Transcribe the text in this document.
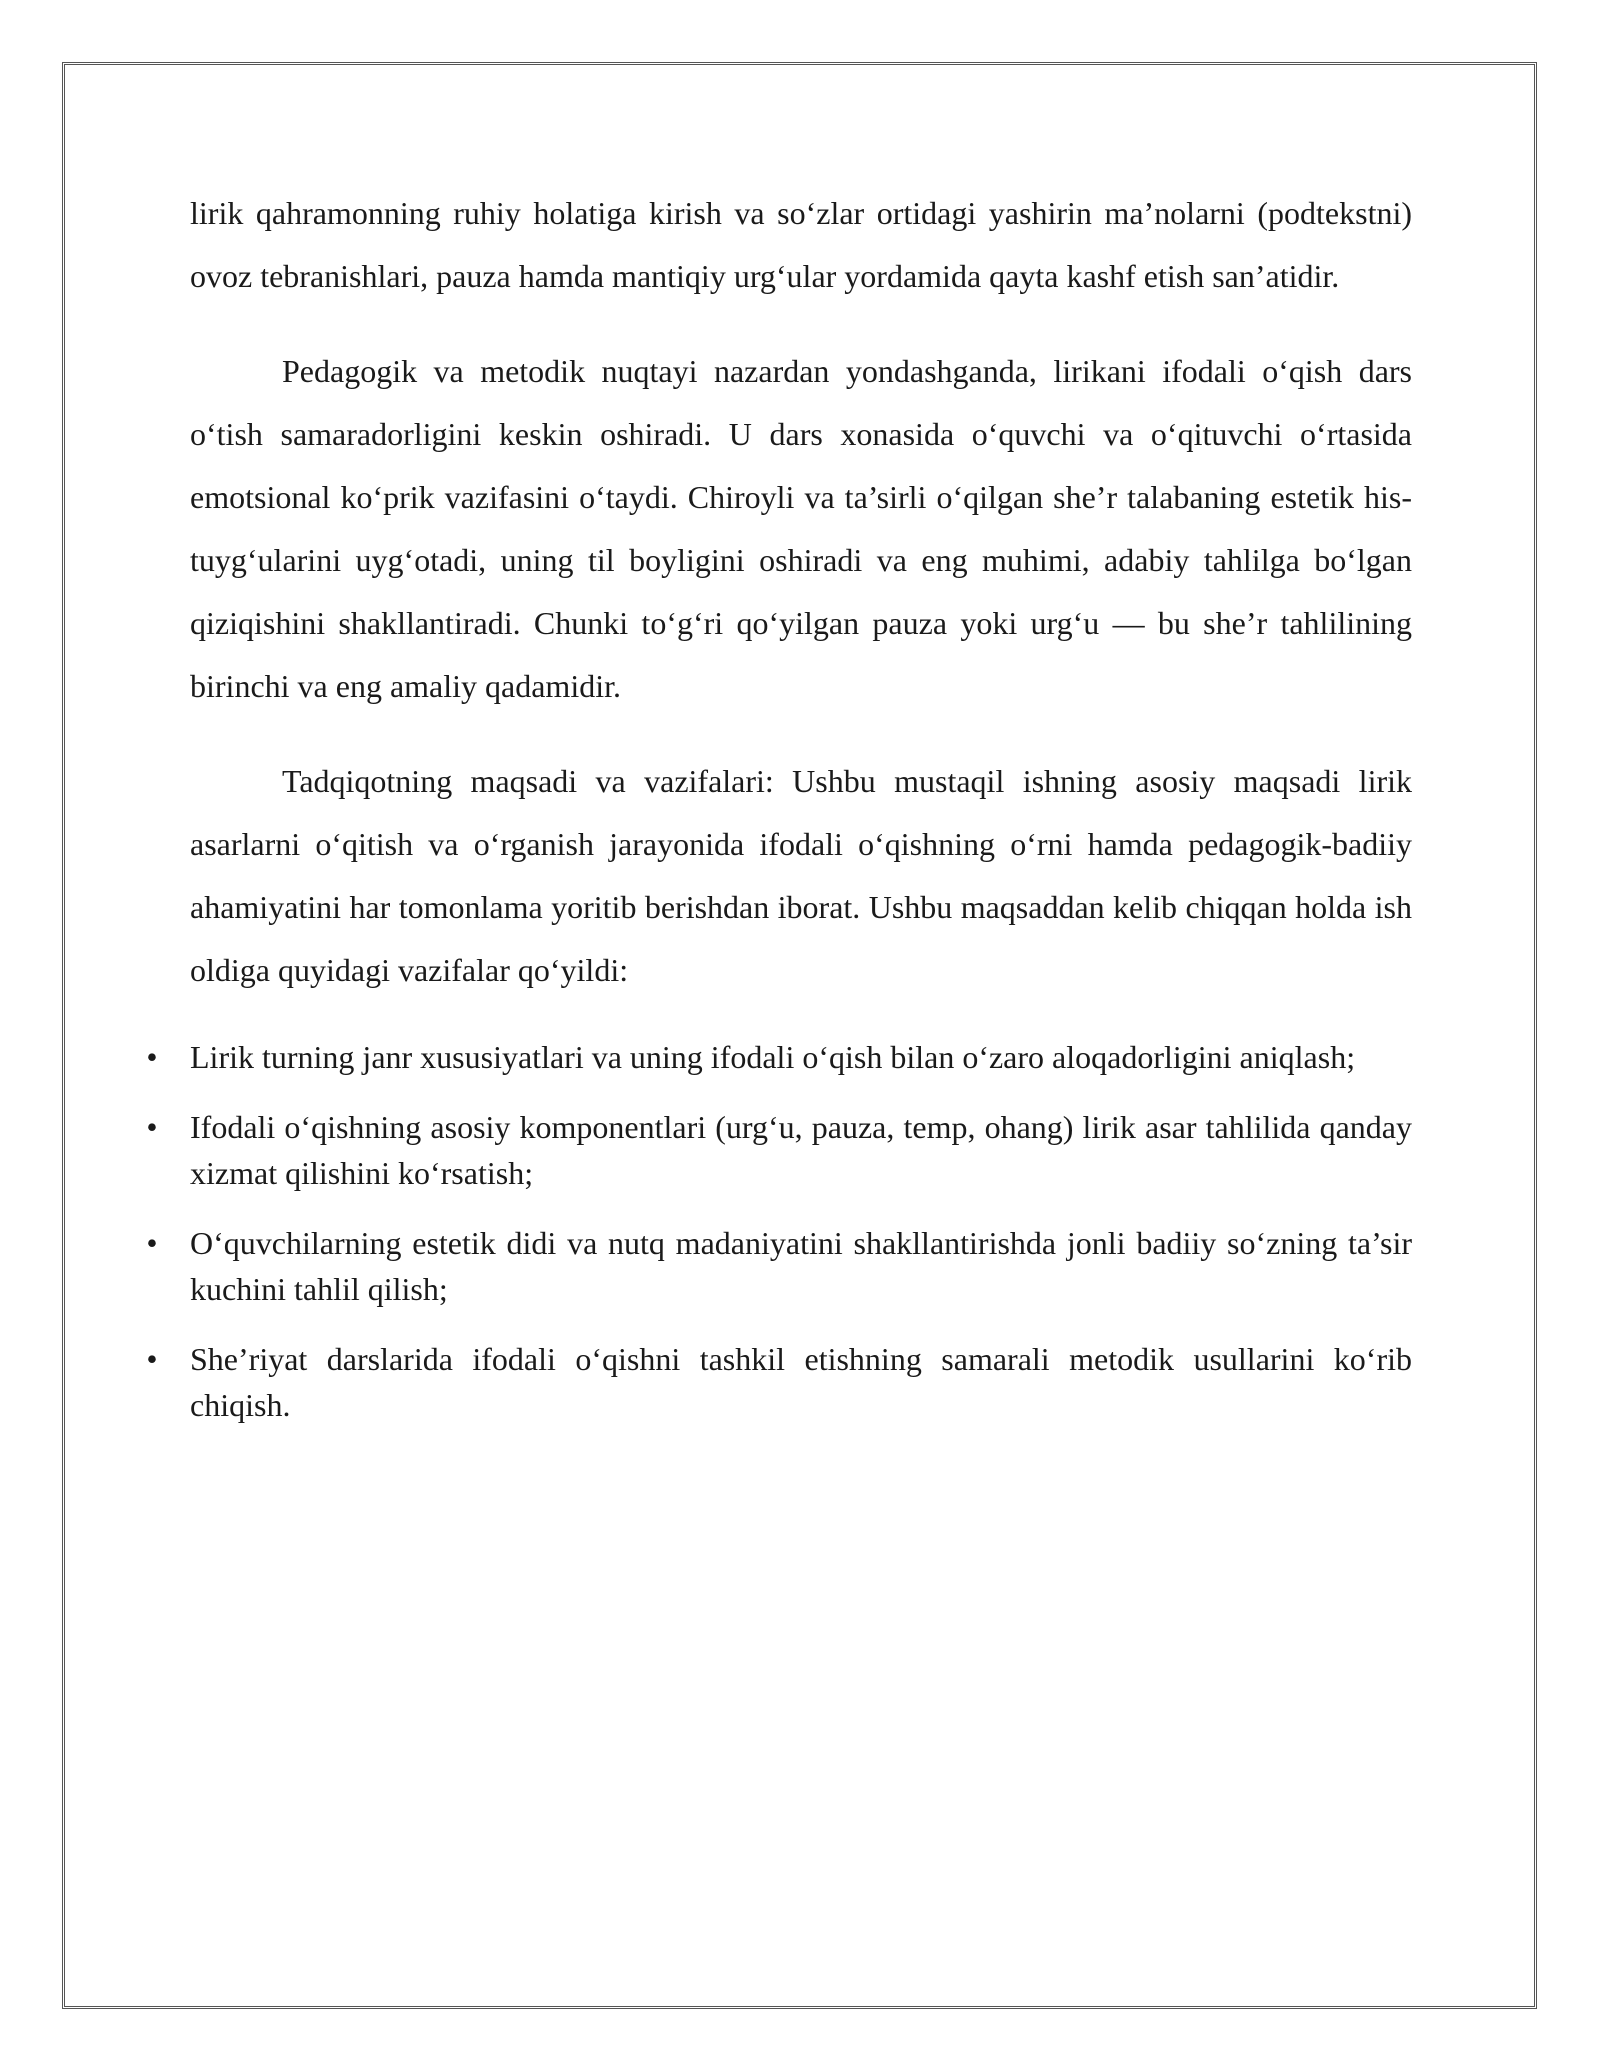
lirik qahramonning ruhiy holatiga kirish va so‘zlar ortidagi yashirin ma’nolarni (podtekstni) ovoz tebranishlari, pauza hamda mantiqiy urg‘ular yordamida qayta kashf etish san’atidir.

Pedagogik va metodik nuqtayi nazardan yondashganda, lirikani ifodali o‘qish dars o‘tish samaradorligini keskin oshiradi. U dars xonasida o‘quvchi va o‘qituvchi o‘rtasida emotsional ko‘prik vazifasini o‘taydi. Chiroyli va ta’sirli o‘qilgan she’r talabaning estetik his-tuyg‘ularini uyg‘otadi, uning til boyligini oshiradi va eng muhimi, adabiy tahlilga bo‘lgan qiziqishini shakllantiradi. Chunki to‘g‘ri qo‘yilgan pauza yoki urg‘u — bu she’r tahlilining birinchi va eng amaliy qadamidir.

Tadqiqotning maqsadi va vazifalari: Ushbu mustaqil ishning asosiy maqsadi lirik asarlarni o‘qitish va o‘rganish jarayonida ifodali o‘qishning o‘rni hamda pedagogik-badiiy ahamiyatini har tomonlama yoritib berishdan iborat. Ushbu maqsaddan kelib chiqqan holda ish oldiga quyidagi vazifalar qo‘yildi:

• Lirik turning janr xususiyatlari va uning ifodali o‘qish bilan o‘zaro aloqadorligini aniqlash;
• Ifodali o‘qishning asosiy komponentlari (urg‘u, pauza, temp, ohang) lirik asar tahlilida qanday xizmat qilishini ko‘rsatish;
• O‘quvchilarning estetik didi va nutq madaniyatini shakllantirishda jonli badiiy so‘zning ta’sir kuchini tahlil qilish;
• She’riyat darslarida ifodali o‘qishni tashkil etishning samarali metodik usullarini ko‘rib chiqish.
